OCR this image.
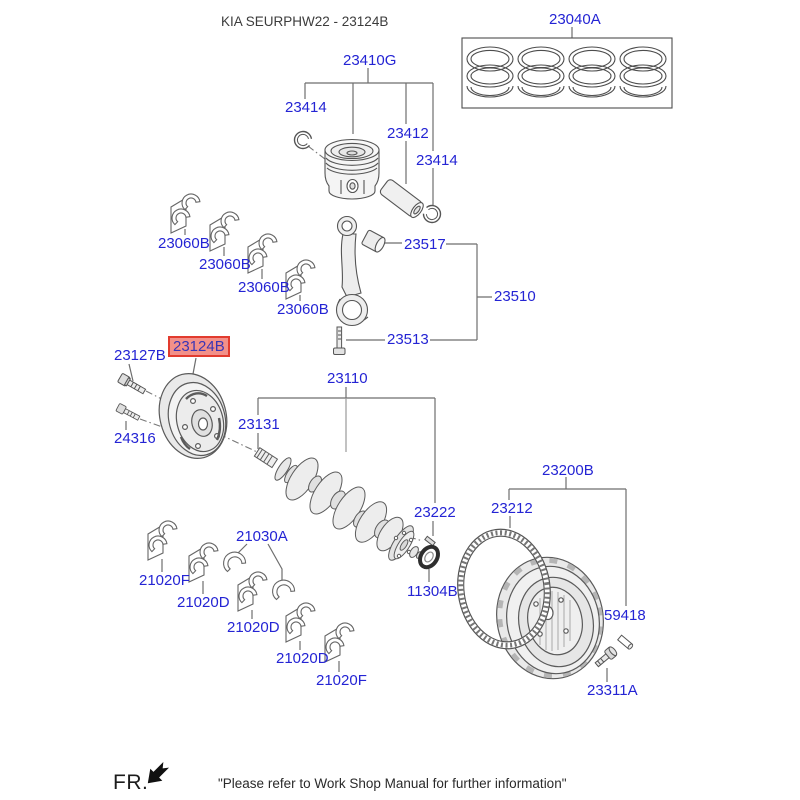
KIA SEURPHW22 - 23124B	23040A
23410G
23414
23412
23414
23060B
23060B
23060B
23060B
23517
23510
23513
23127B
23124B
24316
23110
23131
23222
11304B
21030A
21020F
21020D
21020D
21020D
21020F
23200B
23212
59418
23311A
FR.	"Please refer to Work Shop Manual for further information"
